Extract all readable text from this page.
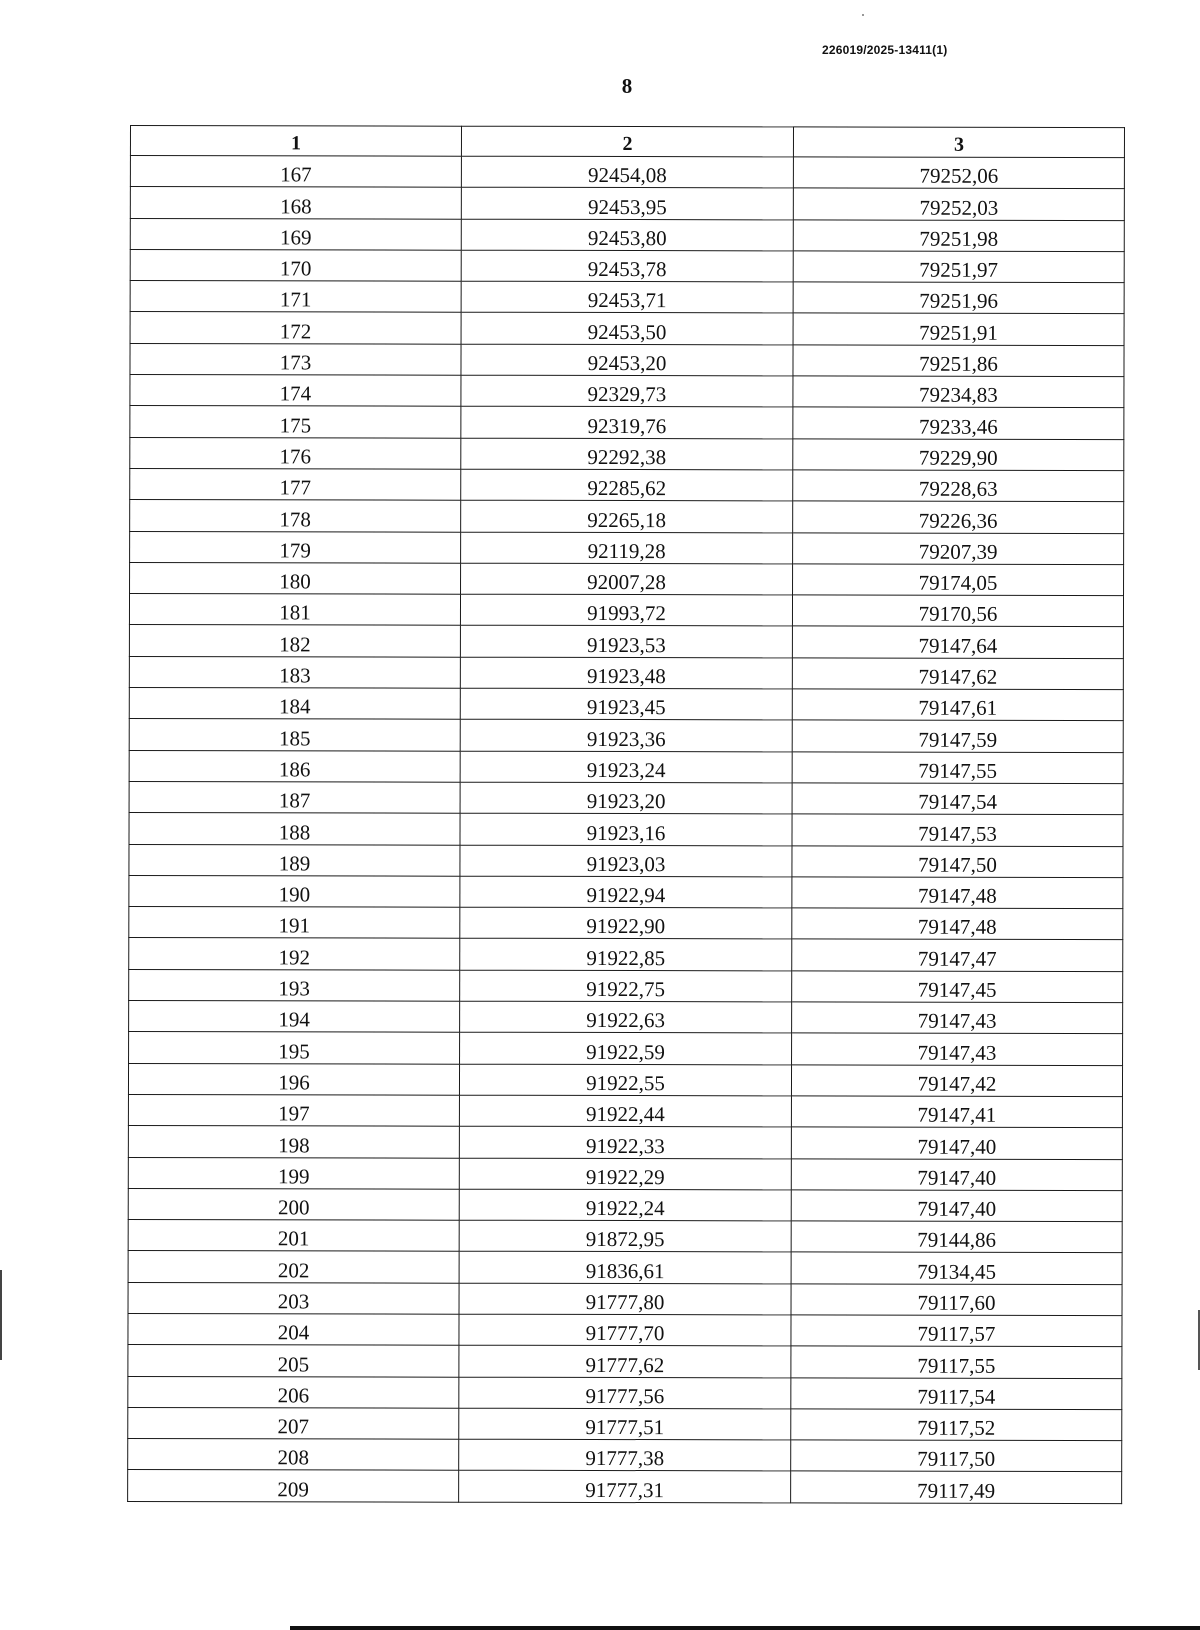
226019/2025-13411(1)
8
1	2	3
167	92454,08	79252,06
168	92453,95	79252,03
169	92453,80	79251,98
170	92453,78	79251,97
171	92453,71	79251,96
172	92453,50	79251,91
173	92453,20	79251,86
174	92329,73	79234,83
175	92319,76	79233,46
176	92292,38	79229,90
177	92285,62	79228,63
178	92265,18	79226,36
179	92119,28	79207,39
180	92007,28	79174,05
181	91993,72	79170,56
182	91923,53	79147,64
183	91923,48	79147,62
184	91923,45	79147,61
185	91923,36	79147,59
186	91923,24	79147,55
187	91923,20	79147,54
188	91923,16	79147,53
189	91923,03	79147,50
190	91922,94	79147,48
191	91922,90	79147,48
192	91922,85	79147,47
193	91922,75	79147,45
194	91922,63	79147,43
195	91922,59	79147,43
196	91922,55	79147,42
197	91922,44	79147,41
198	91922,33	79147,40
199	91922,29	79147,40
200	91922,24	79147,40
201	91872,95	79144,86
202	91836,61	79134,45
203	91777,80	79117,60
204	91777,70	79117,57
205	91777,62	79117,55
206	91777,56	79117,54
207	91777,51	79117,52
208	91777,38	79117,50
209	91777,31	79117,49
